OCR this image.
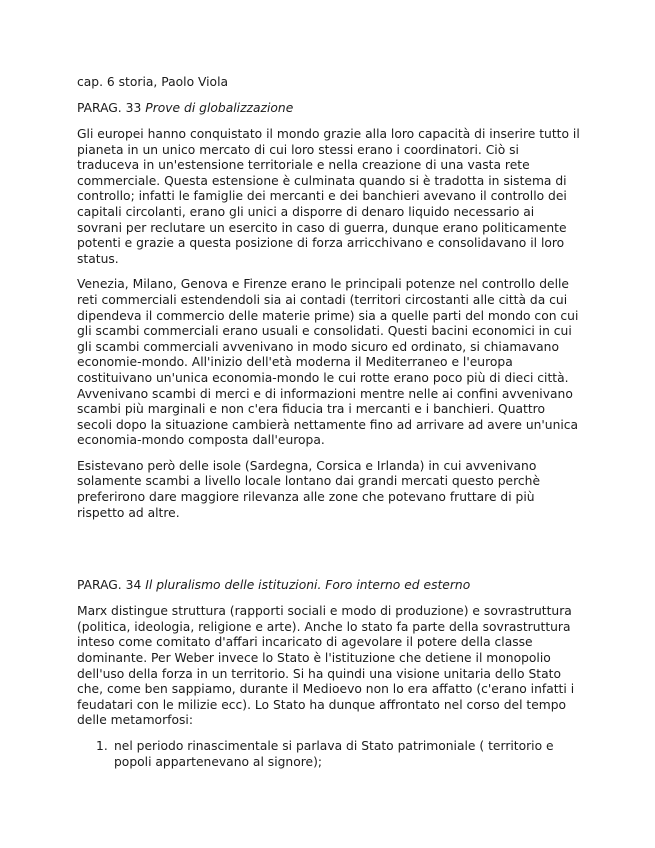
cap. 6 storia, Paolo Viola
PARAG. 33 Prove di globalizzazione

Gli europei hanno conquistato il mondo grazie alla loro capacità di inserire tutto il pianeta in un unico mercato di cui loro stessi erano i coordinatori. Ciò si traduceva in un'estensione territoriale e nella creazione di una vasta rete commerciale. Questa estensione è culminata quando si è tradotta in sistema di controllo; infatti le famiglie dei mercanti e dei banchieri avevano il controllo dei capitali circolanti, erano gli unici a disporre di denaro liquido necessario ai sovrani per reclutare un esercito in caso di guerra, dunque erano politicamente potenti e grazie a questa posizione di forza arricchivano e consolidavano il loro status.

Venezia, Milano, Genova e Firenze erano le principali potenze nel controllo delle reti commerciali estendendoli sia ai contadi (territori circostanti alle città da cui dipendeva il commercio delle materie prime) sia a quelle parti del mondo con cui gli scambi commerciali erano usuali e consolidati. Questi bacini economici in cui gli scambi commerciali avvenivano in modo sicuro ed ordinato, si chiamavano economie-mondo. All'inizio dell'età moderna il Mediterraneo e l'europa costituivano un'unica economia-mondo le cui rotte erano poco più di dieci città. Avvenivano scambi di merci e di informazioni mentre nelle ai confini avvenivano scambi più marginali e non c'era fiducia tra i mercanti e i banchieri. Quattro secoli dopo la situazione cambierà nettamente fino ad arrivare ad avere un'unica economia-mondo composta dall'europa.

Esistevano però delle isole (Sardegna, Corsica e Irlanda) in cui avvenivano solamente scambi a livello locale lontano dai grandi mercati questo perchè preferirono dare maggiore rilevanza alle zone che potevano fruttare di più rispetto ad altre.

PARAG. 34 Il pluralismo delle istituzioni. Foro interno ed esterno

Marx distingue struttura (rapporti sociali e modo di produzione) e sovrastruttura (politica, ideologia, religione e arte). Anche lo stato fa parte della sovrastruttura inteso come comitato d'affari incaricato di agevolare il potere della classe dominante. Per Weber invece lo Stato è l'istituzione che detiene il monopolio dell'uso della forza in un territorio. Si ha quindi una visione unitaria dello Stato che, come ben sappiamo, durante il Medioevo non lo era affatto (c'erano infatti i feudatari con le milizie ecc). Lo Stato ha dunque affrontato nel corso del tempo delle metamorfosi:

1. nel periodo rinascimentale si parlava di Stato patrimoniale ( territorio e popoli appartenevano al signore);
